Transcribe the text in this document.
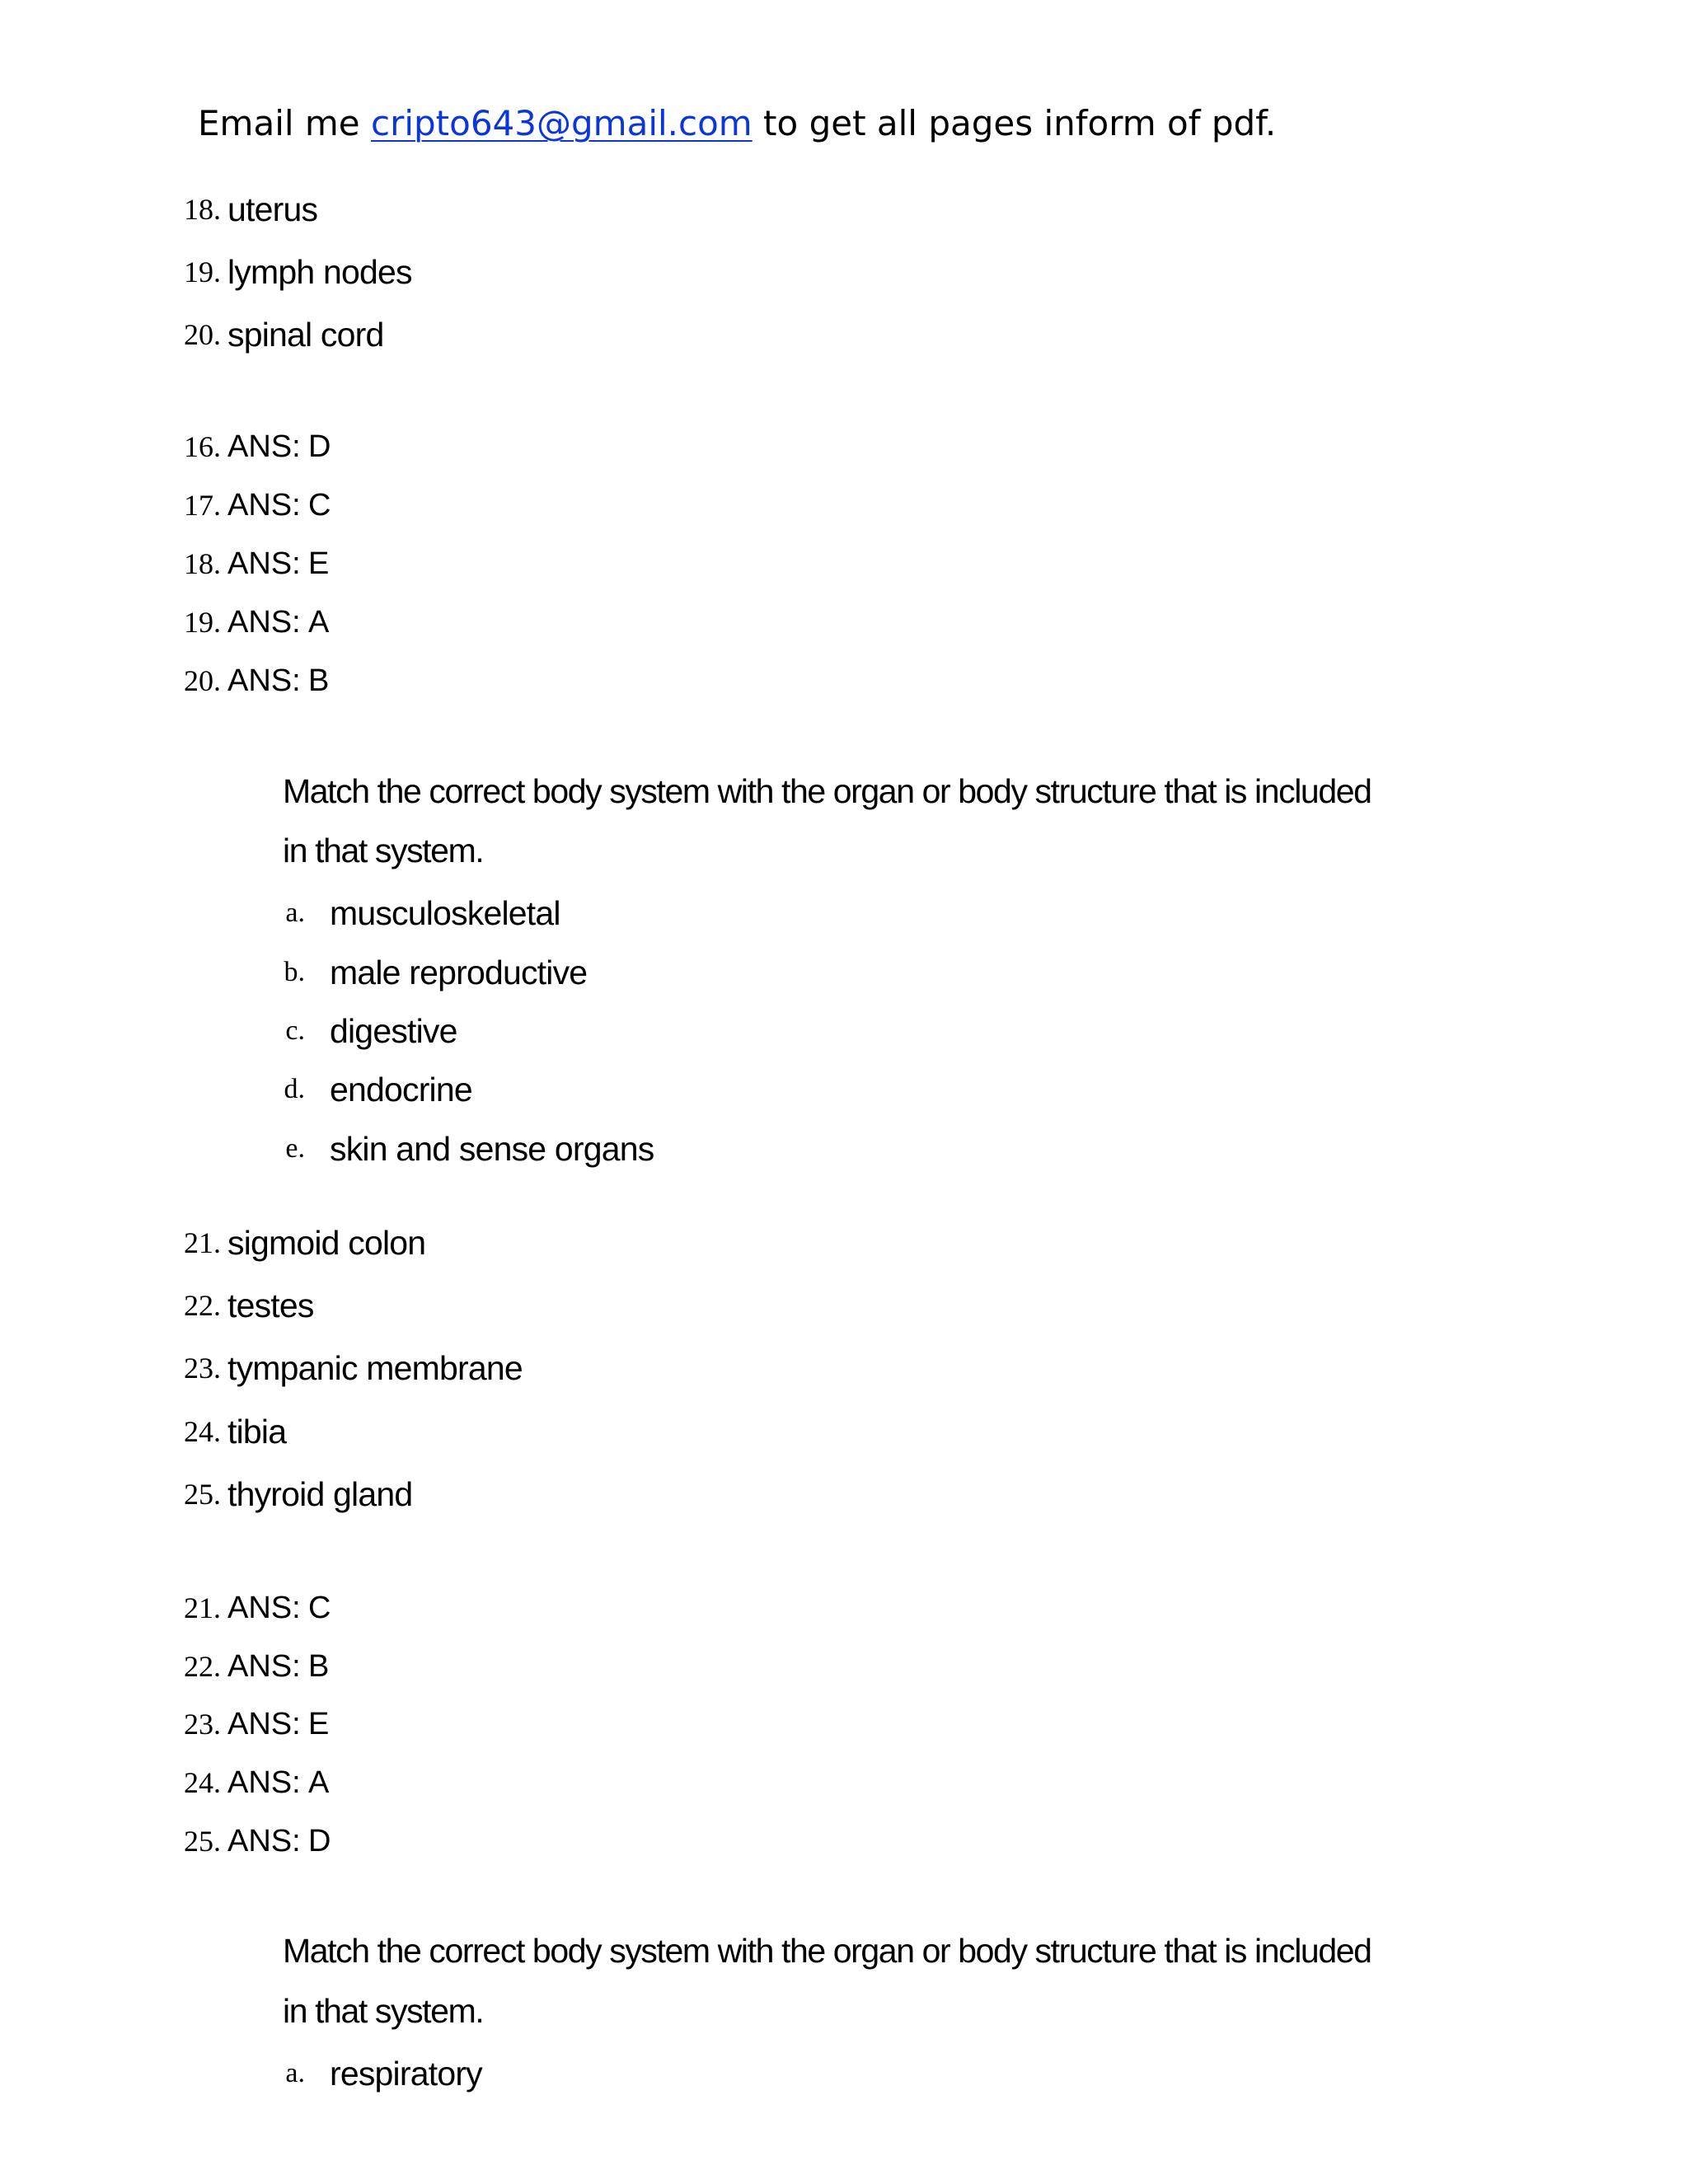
Email me cripto643@gmail.com to get all pages inform of pdf.
18. uterus
19. lymph nodes
20. spinal cord
16. ANS: D
17. ANS: C
18. ANS: E
19. ANS: A
20. ANS: B
Match the correct body system with the organ or body structure that is included
in that system.
a. musculoskeletal
b. male reproductive
c. digestive
d. endocrine
e. skin and sense organs
21. sigmoid colon
22. testes
23. tympanic membrane
24. tibia
25. thyroid gland
21. ANS: C
22. ANS: B
23. ANS: E
24. ANS: A
25. ANS: D
Match the correct body system with the organ or body structure that is included
in that system.
a. respiratory
